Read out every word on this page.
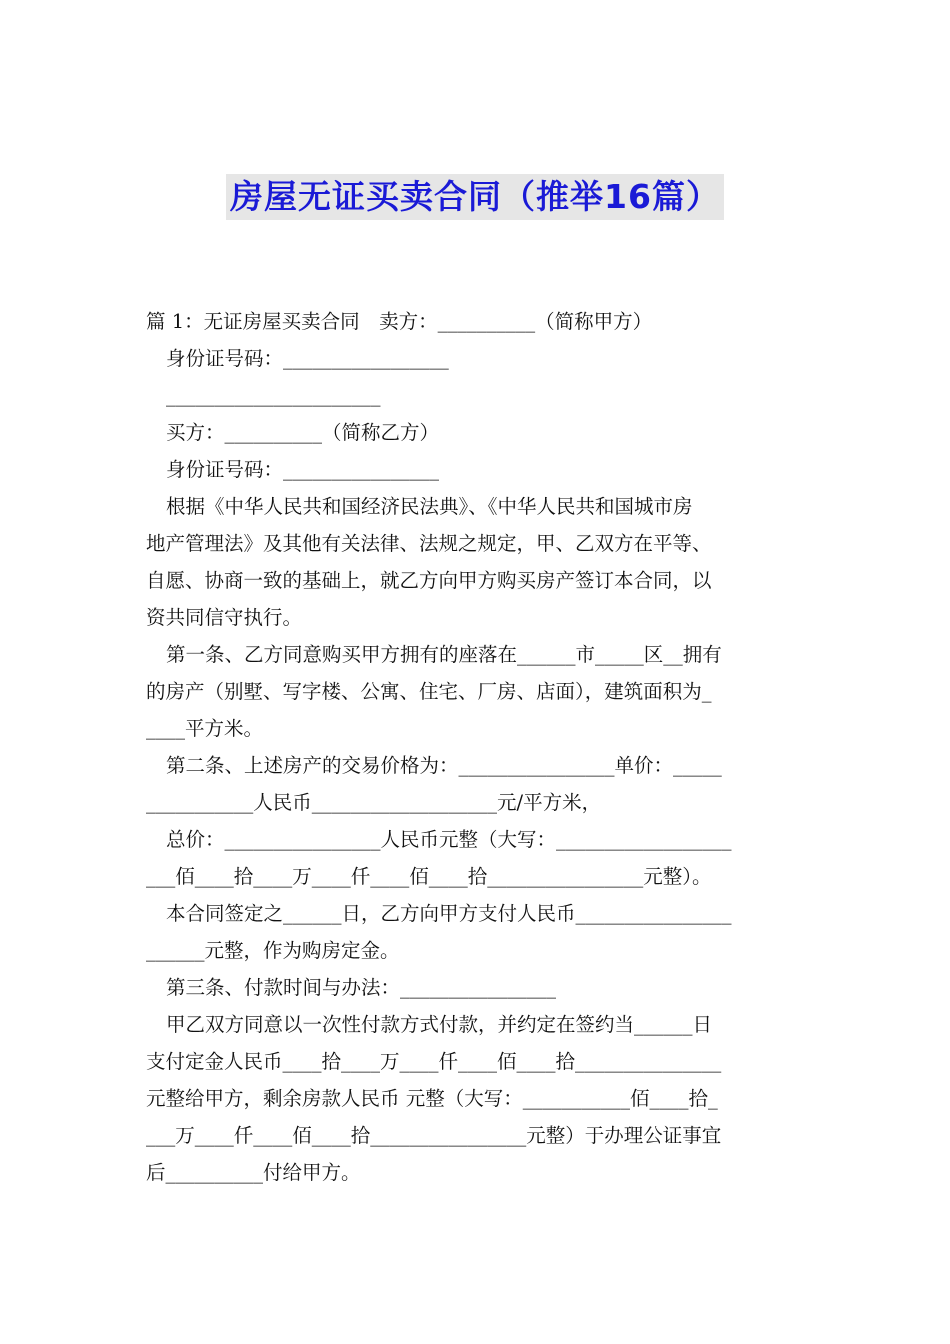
房屋无证买卖合同（推举16篇）
篇 1：无证房屋买卖合同　卖方：__________（简称甲方）
身份证号码：_________________
______________________
买方：__________（简称乙方）
身份证号码：________________
根据《中华人民共和国经济民法典》、《中华人民共和国城市房
地产管理法》及其他有关法律、法规之规定，甲、乙双方在平等、
自愿、协商一致的基础上，就乙方向甲方购买房产签订本合同，以
资共同信守执行。
第一条、乙方同意购买甲方拥有的座落在______市_____区__拥有
的房产（别墅、写字楼、公寓、住宅、厂房、店面），建筑面积为_
____平方米。
第二条、上述房产的交易价格为：________________单价：_____
___________人民币___________________元/平方米，
总价：________________人民币元整（大写：__________________
___佰____拾____万____仟____佰____拾________________元整）。
本合同签定之______日，乙方向甲方支付人民币________________
______元整，作为购房定金。
第三条、付款时间与办法：________________
甲乙双方同意以一次性付款方式付款，并约定在签约当______日
支付定金人民币____拾____万____仟____佰____拾_______________
元整给甲方，剩余房款人民币 元整（大写：___________佰____拾_
___万____仟____佰____拾________________元整）于办理公证事宜
后__________付给甲方。
